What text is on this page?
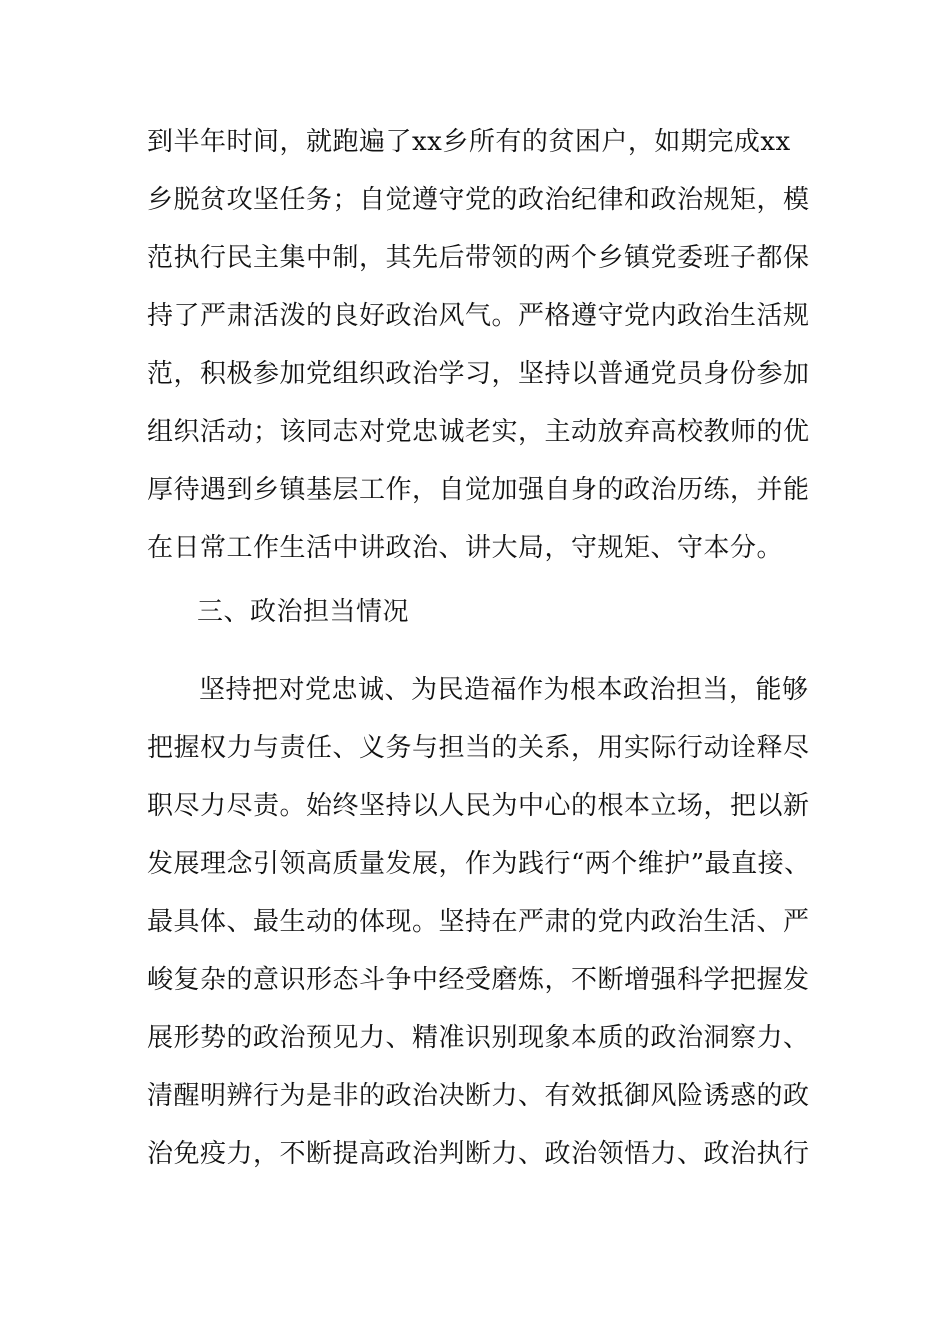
到半年时间，就跑遍了xx乡所有的贫困户，如期完成xx
乡脱贫攻坚任务；自觉遵守党的政治纪律和政治规矩，模
范执行民主集中制，其先后带领的两个乡镇党委班子都保
持了严肃活泼的良好政治风气。严格遵守党内政治生活规
范，积极参加党组织政治学习，坚持以普通党员身份参加
组织活动；该同志对党忠诚老实，主动放弃高校教师的优
厚待遇到乡镇基层工作，自觉加强自身的政治历练，并能
在日常工作生活中讲政治、讲大局，守规矩、守本分。
三、政治担当情况
坚持把对党忠诚、为民造福作为根本政治担当，能够
把握权力与责任、义务与担当的关系，用实际行动诠释尽
职尽力尽责。始终坚持以人民为中心的根本立场，把以新
发展理念引领高质量发展，作为践行“两个维护”最直接、
最具体、最生动的体现。坚持在严肃的党内政治生活、严
峻复杂的意识形态斗争中经受磨炼，不断增强科学把握发
展形势的政治预见力、精准识别现象本质的政治洞察力、
清醒明辨行为是非的政治决断力、有效抵御风险诱惑的政
治免疫力，不断提高政治判断力、政治领悟力、政治执行
